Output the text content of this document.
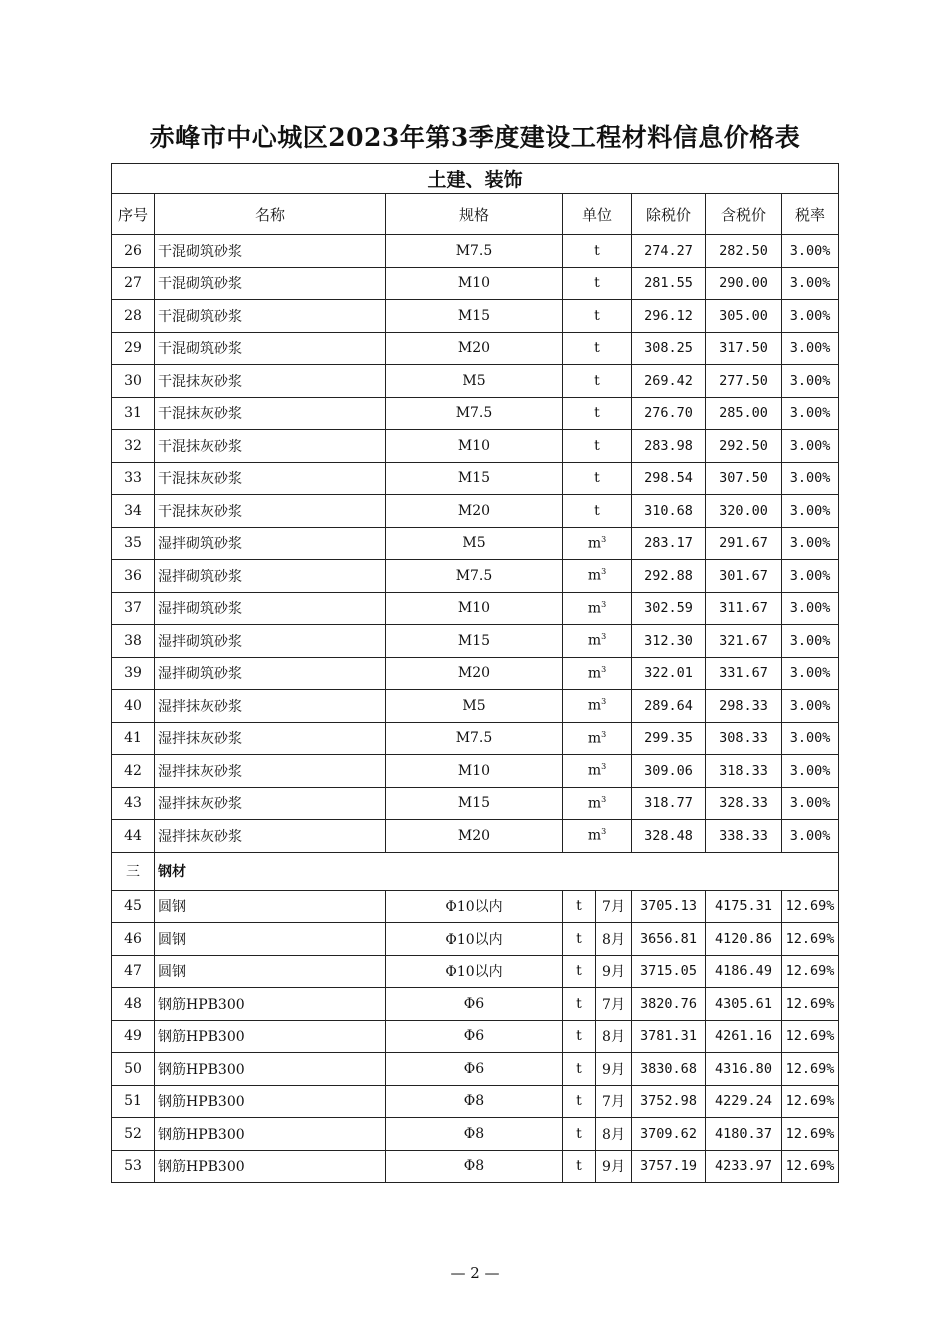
赤峰市中心城区2023年第3季度建设工程材料信息价格表
土建、装饰							
序号	名称	规格	单位		除税价	含税价	税率
26	干混砌筑砂浆	M7.5	t		274.27	282.50	3.00%
27	干混砌筑砂浆	M10	t		281.55	290.00	3.00%
28	干混砌筑砂浆	M15	t		296.12	305.00	3.00%
29	干混砌筑砂浆	M20	t		308.25	317.50	3.00%
30	干混抹灰砂浆	M5	t		269.42	277.50	3.00%
31	干混抹灰砂浆	M7.5	t		276.70	285.00	3.00%
32	干混抹灰砂浆	M10	t		283.98	292.50	3.00%
33	干混抹灰砂浆	M15	t		298.54	307.50	3.00%
34	干混抹灰砂浆	M20	t		310.68	320.00	3.00%
35	湿拌砌筑砂浆	M5	$m^3$		283.17	291.67	3.00%
36	湿拌砌筑砂浆	M7.5	$m^3$		292.88	301.67	3.00%
37	湿拌砌筑砂浆	M10	$m^3$		302.59	311.67	3.00%
38	湿拌砌筑砂浆	M15	$m^3$		312.30	321.67	3.00%
39	湿拌砌筑砂浆	M20	$m^3$		322.01	331.67	3.00%
40	湿拌抹灰砂浆	M5	$m^3$		289.64	298.33	3.00%
41	湿拌抹灰砂浆	M7.5	$m^3$		299.35	308.33	3.00%
42	湿拌抹灰砂浆	M10	$m^3$		309.06	318.33	3.00%
43	湿拌抹灰砂浆	M15	$m^3$		318.77	328.33	3.00%
44	湿拌抹灰砂浆	M20	$m^3$		328.48	338.33	3.00%
三	钢材						
45	圆钢	Φ10以内	t	7月	3705.13	4175.31	12.69%
46	圆钢	Φ10以内	t	8月	3656.81	4120.86	12.69%
47	圆钢	Φ10以内	t	9月	3715.05	4186.49	12.69%
48	钢筋HPB300	Φ6	t	7月	3820.76	4305.61	12.69%
49	钢筋HPB300	Φ6	t	8月	3781.31	4261.16	12.69%
50	钢筋HPB300	Φ6	t	9月	3830.68	4316.80	12.69%
51	钢筋HPB300	Φ8	t	7月	3752.98	4229.24	12.69%
52	钢筋HPB300	Φ8	t	8月	3709.62	4180.37	12.69%
53	钢筋HPB300	Φ8	t	9月	3757.19	4233.97	12.69%
— 2 —
